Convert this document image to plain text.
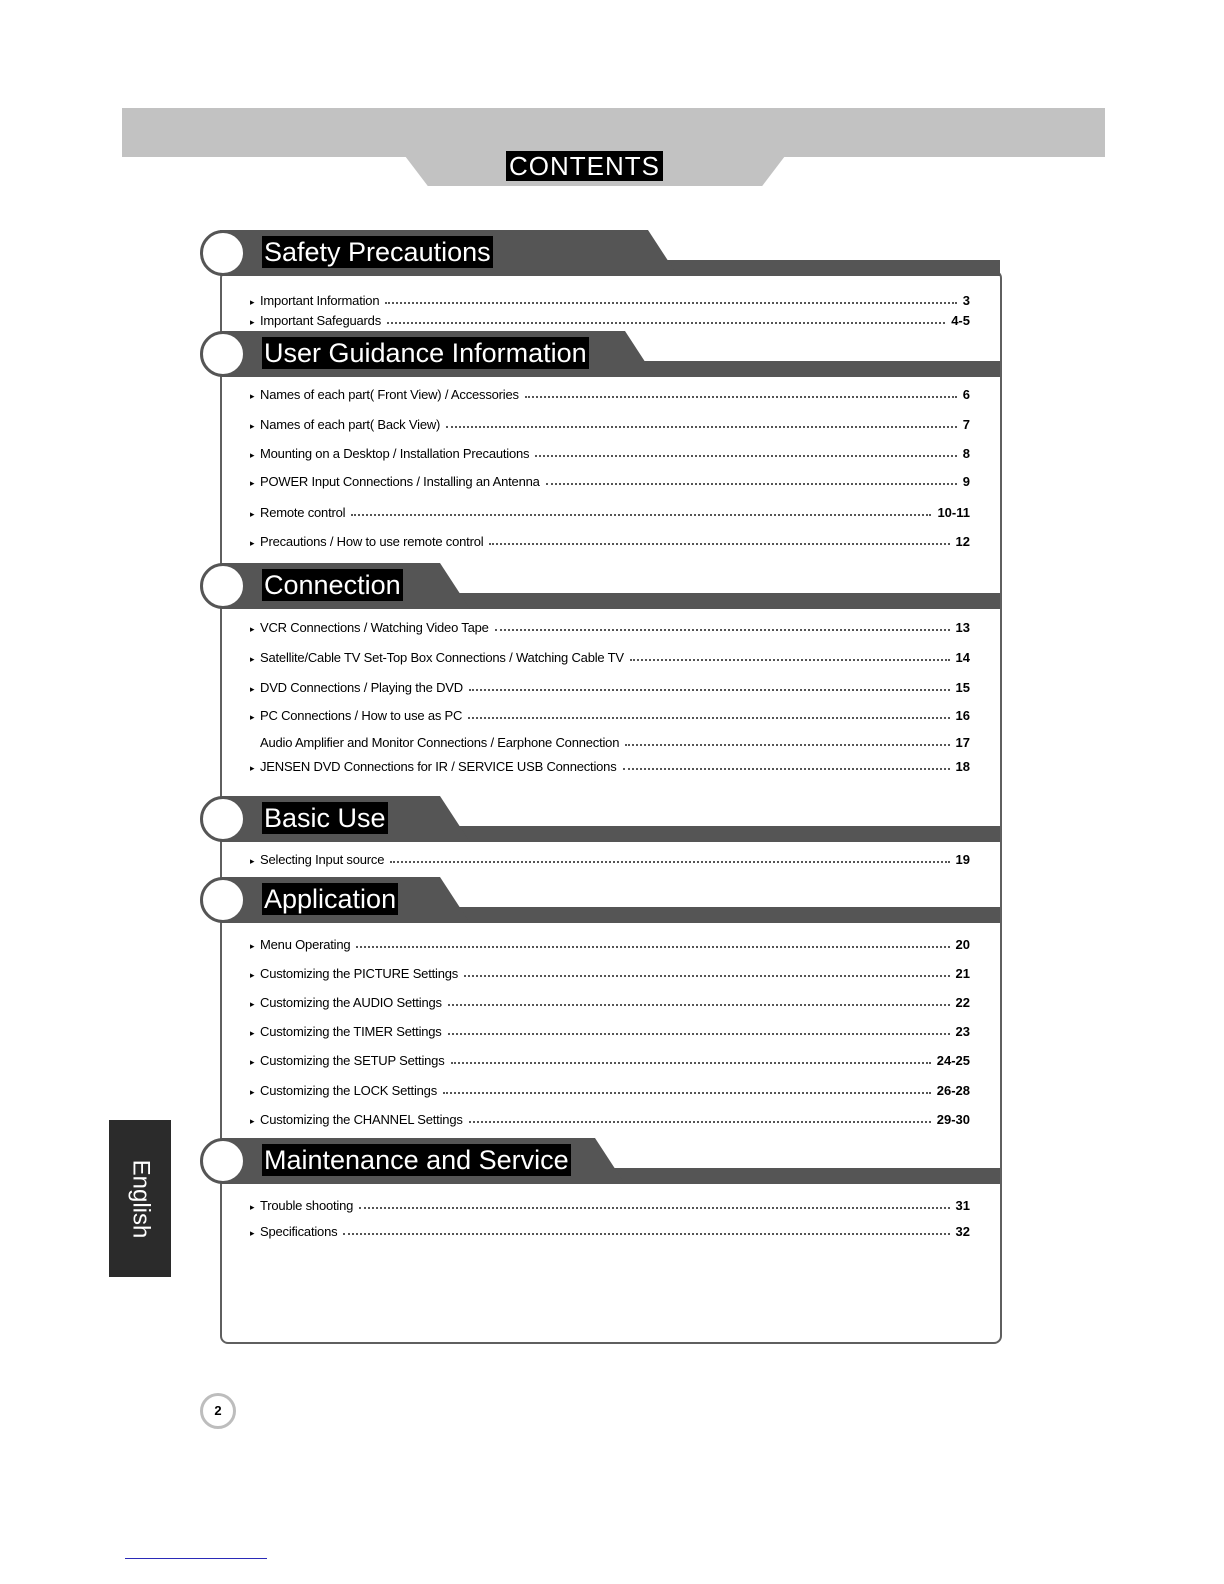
CONTENTS
Safety Precautions
▸ Important Information	3
▸ Important Safeguards	4-5
User Guidance Information
▸ Names of each part( Front View) / Accessories	6
▸ Names of each part( Back View)	7
▸ Mounting on a Desktop / Installation Precautions	8
▸ POWER Input Connections / Installing an Antenna	9
▸ Remote control	10-11
▸ Precautions / How to use remote control	12
Connection
▸ VCR Connections / Watching Video Tape	13
▸ Satellite/Cable TV Set-Top Box Connections / Watching Cable TV	14
▸ DVD Connections / Playing the DVD	15
▸ PC Connections / How to use as PC	16
Audio Amplifier and Monitor Connections / Earphone Connection	17
▸ JENSEN DVD Connections for IR / SERVICE USB Connections	18
Basic Use
▸ Selecting Input source	19
Application
▸ Menu Operating	20
▸ Customizing the PICTURE Settings	21
▸ Customizing the AUDIO Settings	22
▸ Customizing the TIMER Settings	23
▸ Customizing the SETUP Settings	24-25
▸ Customizing the LOCK Settings	26-28
▸ Customizing the CHANNEL Settings	29-30
Maintenance and Service
▸ Trouble shooting	31
▸ Specifications	32
English
2
